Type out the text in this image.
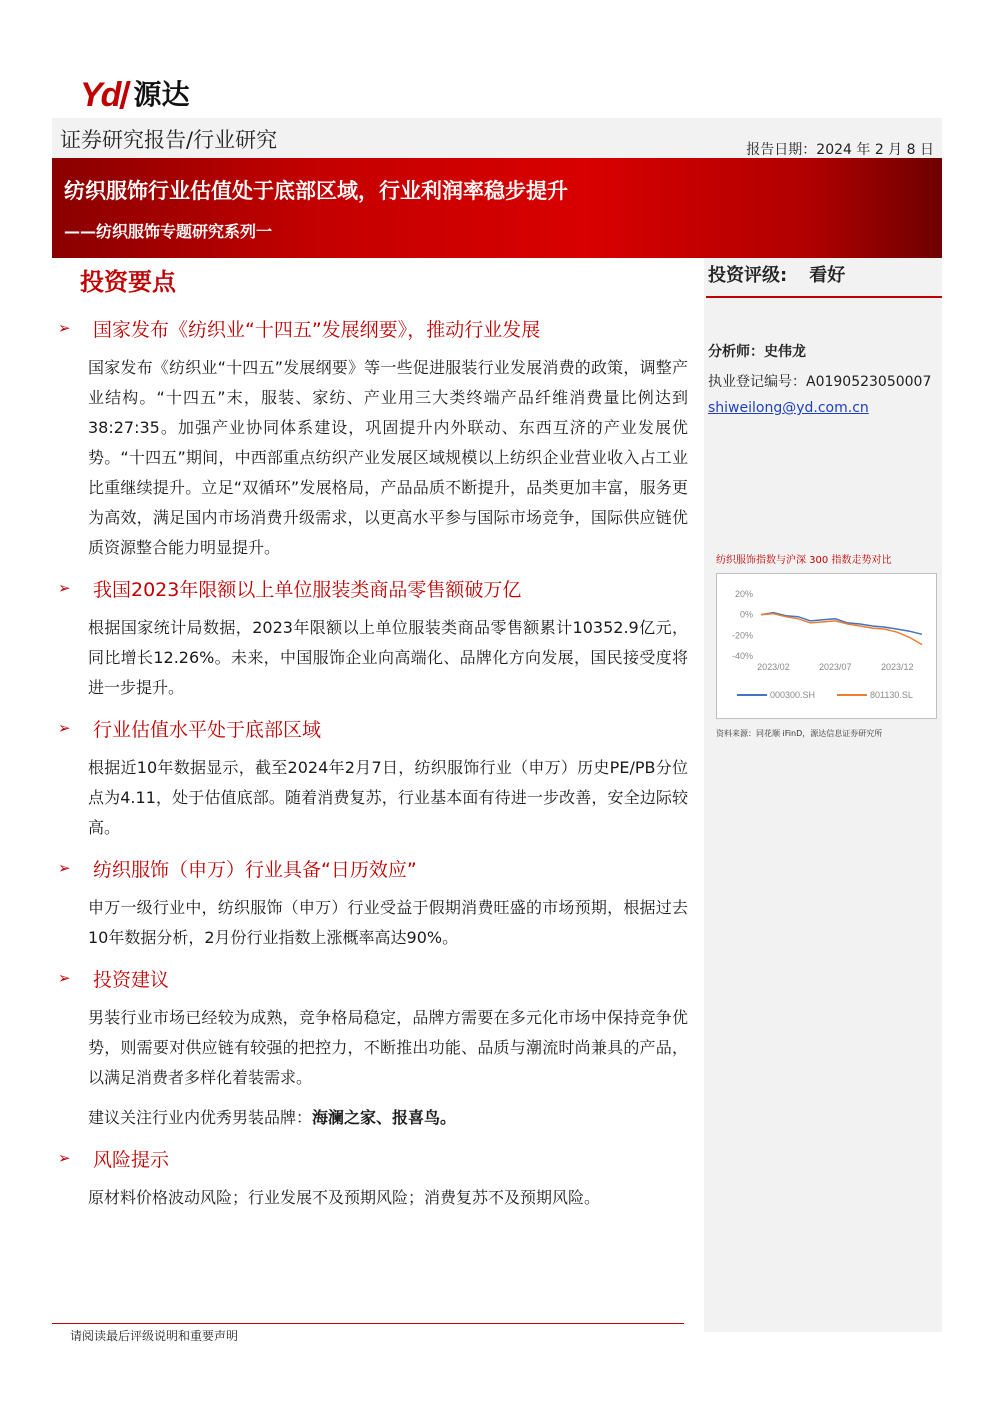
Yd 源达
证券研究报告/行业研究	报告日期：2024 年 2 月 8 日
纺织服饰行业估值处于底部区域，行业利润率稳步提升
——纺织服饰专题研究系列一
投资要点	投资评级: 看好
分析师：史伟龙
执业登记编号：A0190523050007
shiweilong@yd.com.cn
纺织服饰指数与沪深 300 指数走势对比
20%
0%
-20%
-40%
2023/02	2023/07	2023/12
000300.SH	801130.SL
资料来源：同花顺 iFinD，源达信息证券研究所
➢	国家发布《纺织业“十四五”发展纲要》，推动行业发展
国家发布《纺织业“十四五”发展纲要》等一些促进服装行业发展消费的政策，调整产业结构。“十四五”末，服装、家纺、产业用三大类终端产品纤维消费量比例达到38:27:35。加强产业协同体系建设，巩固提升内外联动、东西互济的产业发展优势。“十四五”期间，中西部重点纺织产业发展区域规模以上纺织企业营业收入占工业比重继续提升。立足“双循环”发展格局，产品品质不断提升，品类更加丰富，服务更为高效，满足国内市场消费升级需求，以更高水平参与国际市场竞争，国际供应链优质资源整合能力明显提升。
➢	我国2023年限额以上单位服装类商品零售额破万亿
根据国家统计局数据，2023年限额以上单位服装类商品零售额累计10352.9亿元，同比增长12.26%。未来，中国服饰企业向高端化、品牌化方向发展，国民接受度将进一步提升。
➢	行业估值水平处于底部区域
根据近10年数据显示，截至2024年2月7日，纺织服饰行业（申万）历史PE/PB分位点为4.11，处于估值底部。随着消费复苏，行业基本面有待进一步改善，安全边际较高。
➢	纺织服饰（申万）行业具备“日历效应”
申万一级行业中，纺织服饰（申万）行业受益于假期消费旺盛的市场预期，根据过去10年数据分析，2月份行业指数上涨概率高达90%。
➢	投资建议
男装行业市场已经较为成熟，竞争格局稳定，品牌方需要在多元化市场中保持竞争优势，则需要对供应链有较强的把控力，不断推出功能、品质与潮流时尚兼具的产品，以满足消费者多样化着装需求。
建议关注行业内优秀男装品牌：海澜之家、报喜鸟。
➢	风险提示
原材料价格波动风险；行业发展不及预期风险；消费复苏不及预期风险。
请阅读最后评级说明和重要声明
